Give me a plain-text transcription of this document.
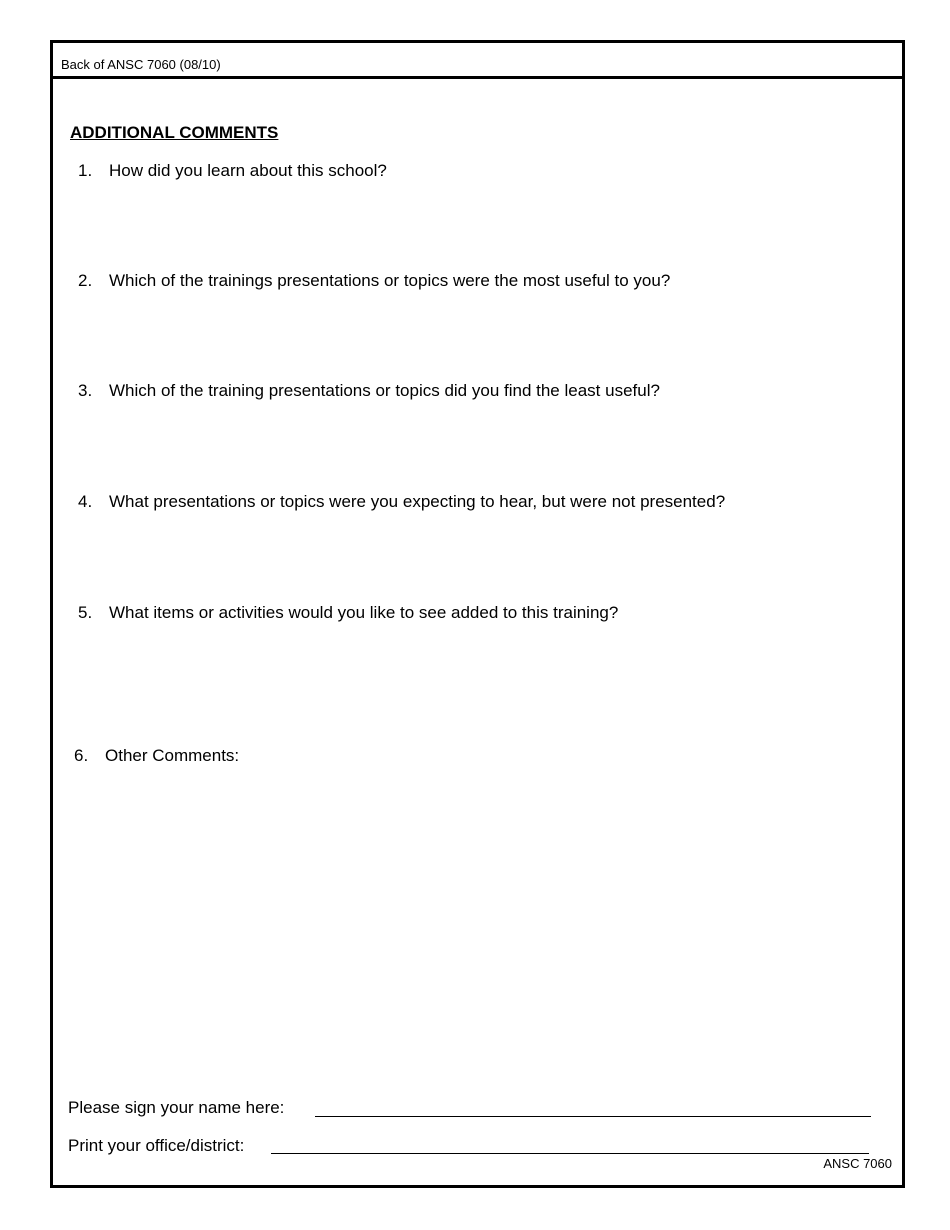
Back of ANSC 7060 (08/10)
ADDITIONAL COMMENTS
1. How did you learn about this school?
2. Which of the trainings presentations or topics were the most useful to you?
3. Which of the training presentations or topics did you find the least useful?
4. What presentations or topics were you expecting to hear, but were not presented?
5. What items or activities would you like to see added to this training?
6. Other Comments:
Please sign your name here:
Print your office/district:
ANSC 7060
